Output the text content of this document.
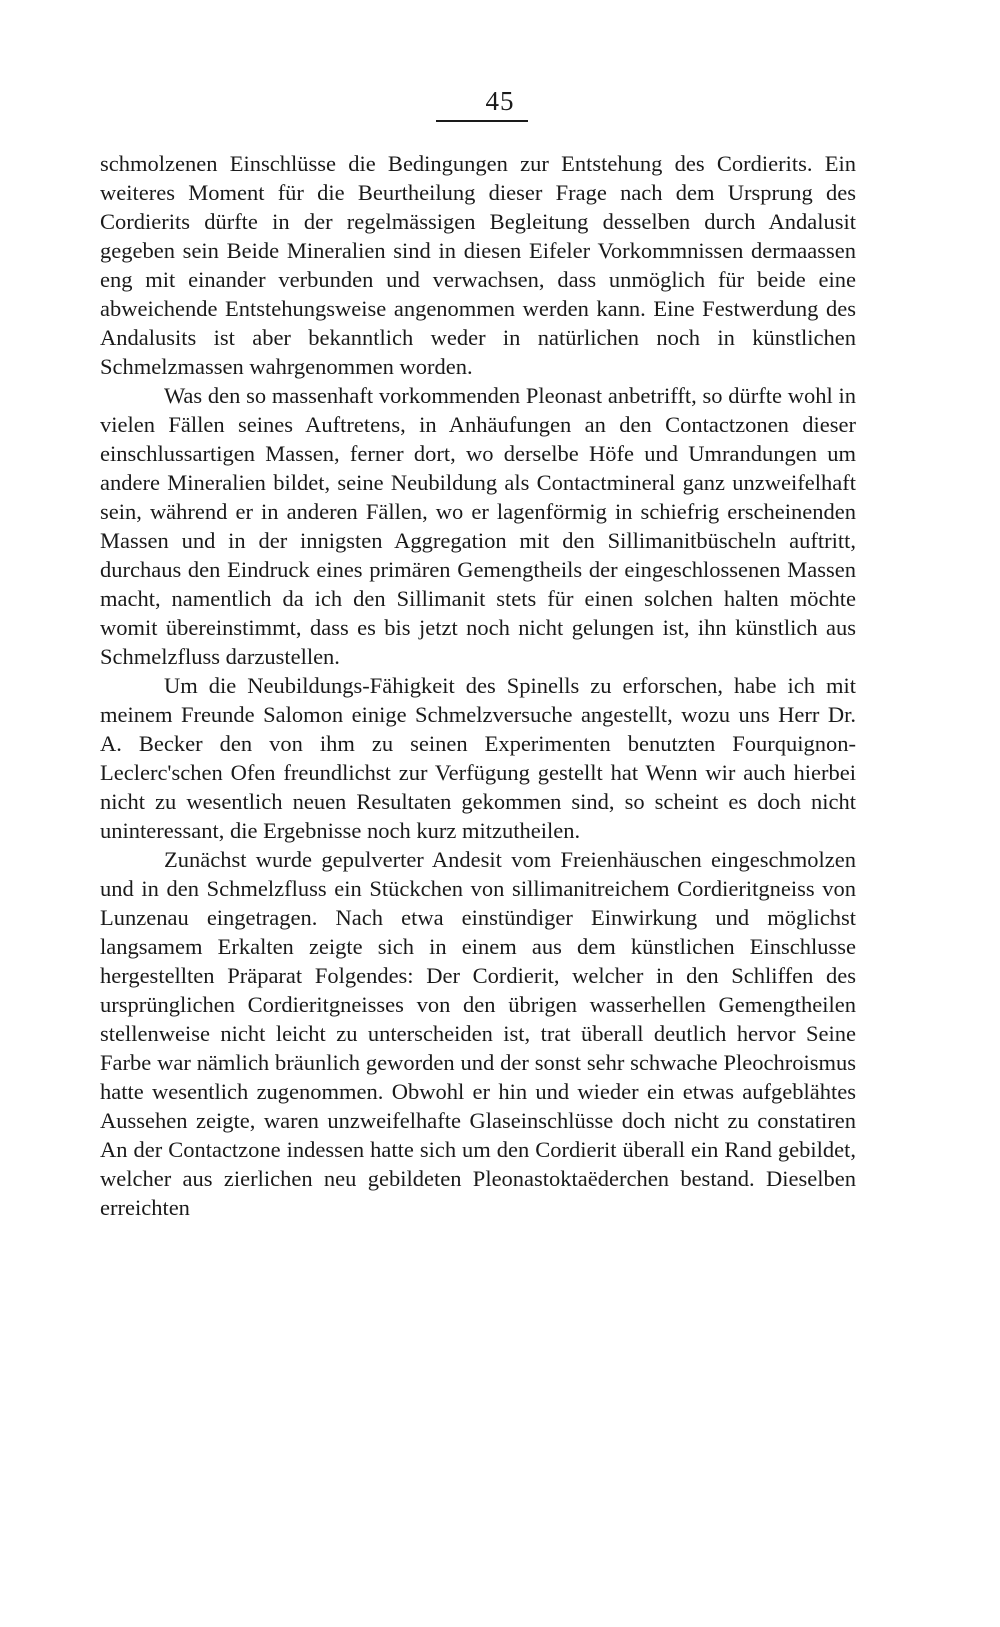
45

schmolzenen Einschlüsse die Bedingungen zur Entstehung des Cordierits. Ein weiteres Moment für die Beurtheilung dieser Frage nach dem Ursprung des Cordierits dürfte in der regelmässigen Begleitung desselben durch Andalusit gegeben sein Beide Mineralien sind in diesen Eifeler Vorkommnissen dermaassen eng mit einander verbunden und verwachsen, dass unmöglich für beide eine abweichende Entstehungsweise angenommen werden kann. Eine Festwerdung des Andalusits ist aber bekanntlich weder in natürlichen noch in künstlichen Schmelzmassen wahrgenommen worden.

Was den so massenhaft vorkommenden Pleonast anbetrifft, so dürfte wohl in vielen Fällen seines Auftretens, in Anhäufungen an den Contactzonen dieser einschlussartigen Massen, ferner dort, wo derselbe Höfe und Umrandungen um andere Mineralien bildet, seine Neubildung als Contactmineral ganz unzweifelhaft sein, während er in anderen Fällen, wo er lagenförmig in schiefrig erscheinenden Massen und in der innigsten Aggregation mit den Sillimanitbüscheln auftritt, durchaus den Eindruck eines primären Gemengtheils der eingeschlossenen Massen macht, namentlich da ich den Sillimanit stets für einen solchen halten möchte womit übereinstimmt, dass es bis jetzt noch nicht gelungen ist, ihn künstlich aus Schmelzfluss darzustellen.

Um die Neubildungs-Fähigkeit des Spinells zu erforschen, habe ich mit meinem Freunde Salomon einige Schmelzversuche angestellt, wozu uns Herr Dr. A. Becker den von ihm zu seinen Experimenten benutzten Fourquignon-Leclerc'schen Ofen freundlichst zur Verfügung gestellt hat Wenn wir auch hierbei nicht zu wesentlich neuen Resultaten gekommen sind, so scheint es doch nicht uninteressant, die Ergebnisse noch kurz mitzutheilen.

Zunächst wurde gepulverter Andesit vom Freienhäuschen eingeschmolzen und in den Schmelzfluss ein Stückchen von sillimanitreichem Cordieritgneiss von Lunzenau eingetragen. Nach etwa einstündiger Einwirkung und möglichst langsamem Erkalten zeigte sich in einem aus dem künstlichen Einschlusse hergestellten Präparat Folgendes: Der Cordierit, welcher in den Schliffen des ursprünglichen Cordieritgneisses von den übrigen wasserhellen Gemengtheilen stellenweise nicht leicht zu unterscheiden ist, trat überall deutlich hervor Seine Farbe war nämlich bräunlich geworden und der sonst sehr schwache Pleochroismus hatte wesentlich zugenommen. Obwohl er hin und wieder ein etwas aufgeblähtes Aussehen zeigte, waren unzweifelhafte Glaseinschlüsse doch nicht zu constatiren An der Contactzone indessen hatte sich um den Cordierit überall ein Rand gebildet, welcher aus zierlichen neu gebildeten Pleonastoktaëderchen bestand. Dieselben erreichten
